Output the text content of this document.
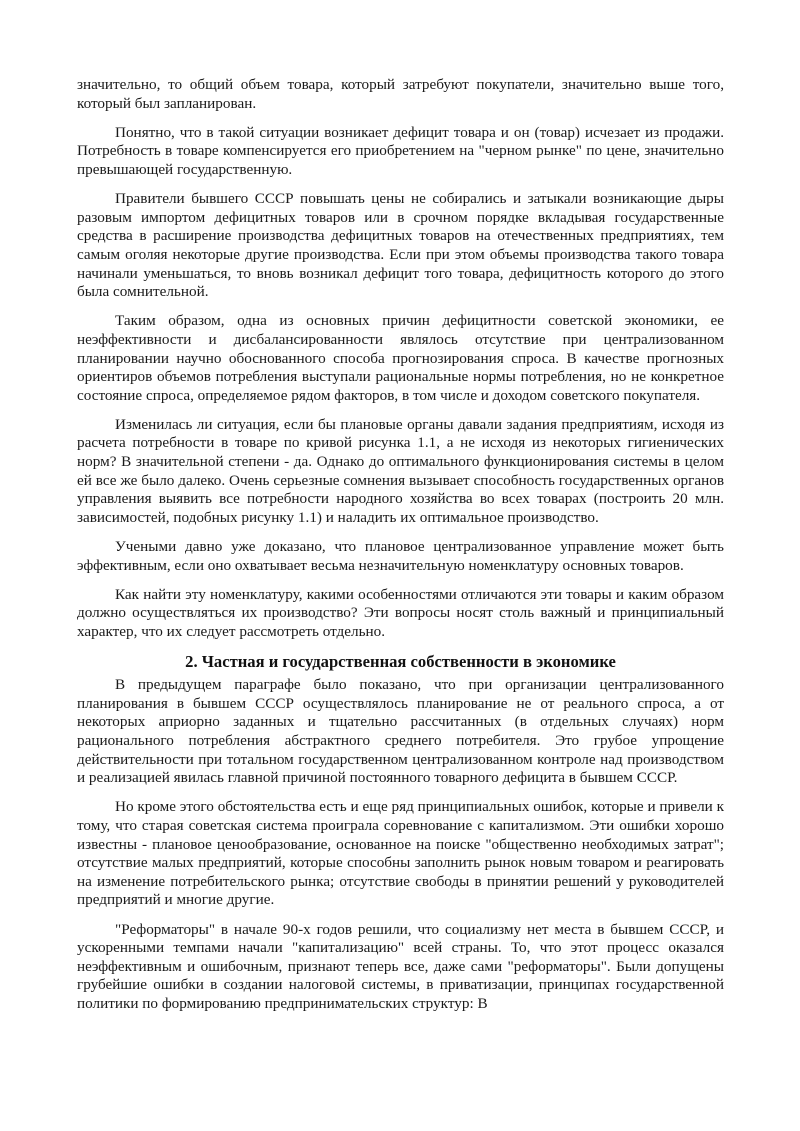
значительно, то общий объем товара, который затребуют покупатели, значительно выше того, который был запланирован.

Понятно, что в такой ситуации возникает дефицит товара и он (товар) исчезает из продажи. Потребность в товаре компенсируется его приобретением на "черном рынке" по цене, значительно превышающей государственную.

Правители бывшего СССР повышать цены не собирались и затыкали возникающие дыры разовым импортом дефицитных товаров или в срочном порядке вкладывая государственные средства в расширение производства дефицитных товаров на отечественных предприятиях, тем самым оголяя некоторые другие производства. Если при этом объемы производства такого товара начинали уменьшаться, то вновь возникал дефицит того товара, дефицитность которого до этого была сомнительной.

Таким образом, одна из основных причин дефицитности советской экономики, ее неэффективности и дисбалансированности являлось отсутствие при централизованном планировании научно обоснованного способа прогнозирования спроса. В качестве прогнозных ориентиров объемов потребления выступали рациональные нормы потребления, но не конкретное состояние спроса, определяемое рядом факторов, в том числе и доходом советского покупателя.

Изменилась ли ситуация, если бы плановые органы давали задания предприятиям, исходя из расчета потребности в товаре по кривой рисунка 1.1, а не исходя из некоторых гигиенических норм? В значительной степени - да. Однако до оптимального функционирования системы в целом ей все же было далеко. Очень серьезные сомнения вызывает способность государственных органов управления выявить все потребности народного хозяйства во всех товарах (построить 20 млн. зависимостей, подобных рисунку 1.1) и наладить их оптимальное производство.

Учеными давно уже доказано, что плановое централизованное управление может быть эффективным, если оно охватывает весьма незначительную номенклатуру основных товаров.

Как найти эту номенклатуру, какими особенностями отличаются эти товары и каким образом должно осуществляться их производство? Эти вопросы носят столь важный и принципиальный характер, что их следует рассмотреть отдельно.

2. Частная и государственная собственности в экономике

В предыдущем параграфе было показано, что при организации централизованного планирования в бывшем СССР осуществлялось планирование не от реального спроса, а от некоторых априорно заданных и тщательно рассчитанных (в отдельных случаях) норм рационального потребления абстрактного среднего потребителя. Это грубое упрощение действительности при тотальном государственном централизованном контроле над производством и реализацией явилась главной причиной постоянного товарного дефицита в бывшем СССР.

Но кроме этого обстоятельства есть и еще ряд принципиальных ошибок, которые и привели к тому, что старая советская система проиграла соревнование с капитализмом. Эти ошибки хорошо известны - плановое ценообразование, основанное на поиске "общественно необходимых затрат"; отсутствие малых предприятий, которые способны заполнить рынок новым товаром и реагировать на изменение потребительского рынка; отсутствие свободы в принятии решений у руководителей предприятий и многие другие.

"Реформаторы" в начале 90-х годов решили, что социализму нет места в бывшем СССР, и ускоренными темпами начали "капитализацию" всей страны. То, что этот процесс оказался неэффективным и ошибочным, признают теперь все, даже сами "реформаторы". Были допущены грубейшие ошибки в создании налоговой системы, в приватизации, принципах государственной политики по формированию предпринимательских структур: В
